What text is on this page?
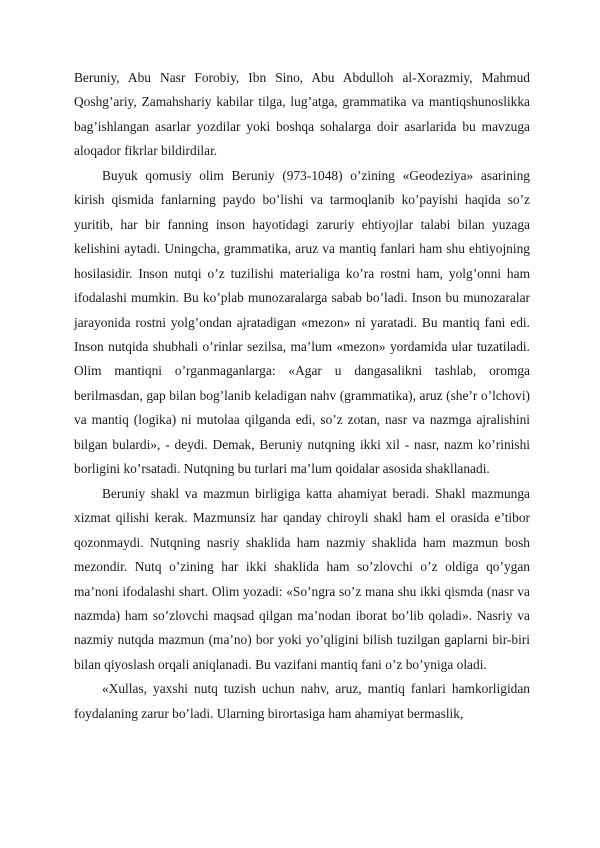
Beruniy, Abu Nasr Forobiy, Ibn Sino, Abu Abdulloh al-Xorazmiy, Mahmud Qoshg’ariy, Zamahshariy kabilar tilga, lug’atga, grammatika va mantiqshunoslikka bag’ishlangan asarlar yozdilar yoki boshqa sohalarga doir asarlarida bu mavzuga aloqador fikrlar bildirdilar.

Buyuk qomusiy olim Beruniy (973-1048) o’zining «Geodeziya» asarining kirish qismida fanlarning paydo bo’lishi va tarmoqlanib ko’payishi haqida so’z yuritib, har bir fanning inson hayotidagi zaruriy ehtiyojlar talabi bilan yuzaga kelishini aytadi. Uningcha, grammatika, aruz va mantiq fanlari ham shu ehtiyojning hosilasidir. Inson nutqi o’z tuzilishi materialiga ko’ra rostni ham, yolg’onni ham ifodalashi mumkin. Bu ko’plab munozaralarga sabab bo’ladi. Inson bu munozaralar jarayonida rostni yolg’ondan ajratadigan «mezon» ni yaratadi. Bu mantiq fani edi. Inson nutqida shubhali o’rinlar sezilsa, ma’lum «mezon» yordamida ular tuzatiladi. Olim mantiqni o’rganmaganlarga: «Agar u dangasalikni tashlab, oromga berilmasdan, gap bilan bog’lanib keladigan nahv (grammatika), aruz (she’r o’lchovi) va mantiq (logika) ni mutolaa qilganda edi, so’z zotan, nasr va nazmga ajralishini bilgan bulardi», - deydi. Demak, Beruniy nutqning ikki xil - nasr, nazm ko’rinishi borligini ko’rsatadi. Nutqning bu turlari ma’lum qoidalar asosida shakllanadi.

Beruniy shakl va mazmun birligiga katta ahamiyat beradi. Shakl mazmunga xizmat qilishi kerak. Mazmunsiz har qanday chiroyli shakl ham el orasida e’tibor qozonmaydi. Nutqning nasriy shaklida ham nazmiy shaklida ham mazmun bosh mezondir. Nutq o’zining har ikki shaklida ham so’zlovchi o’z oldiga qo’ygan ma’noni ifodalashi shart. Olim yozadi: «So’ngra so’z mana shu ikki qismda (nasr va nazmda) ham so’zlovchi maqsad qilgan ma’nodan iborat bo’lib qoladi». Nasriy va nazmiy nutqda mazmun (ma’no) bor yoki yo’qligini bilish tuzilgan gaplarni bir-biri bilan qiyoslash orqali aniqlanadi. Bu vazifani mantiq fani o’z bo’yniga oladi.

«Xullas, yaxshi nutq tuzish uchun nahv, aruz, mantiq fanlari hamkorligidan foydalaning zarur bo’ladi. Ularning birortasiga ham ahamiyat bermaslik,
